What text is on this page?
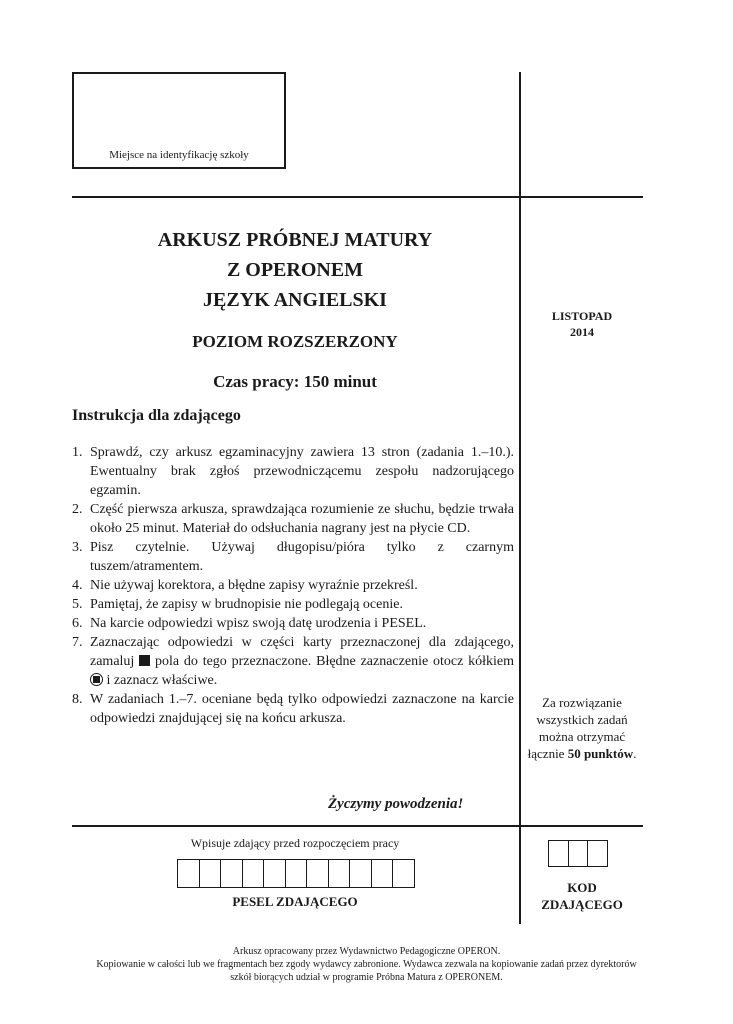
Miejsce na identyfikację szkoły
ARKUSZ PRÓBNEJ MATURY
Z OPERONEM
JĘZYK ANGIELSKI
POZIOM ROZSZERZONY
Czas pracy: 150 minut
LISTOPAD
2014
Instrukcja dla zdającego
1. Sprawdź, czy arkusz egzaminacyjny zawiera 13 stron (zadania 1.–10.). Ewentualny brak zgłoś przewodniczącemu zespołu nadzorującego egzamin.
2. Część pierwsza arkusza, sprawdzająca rozumienie ze słuchu, będzie trwała około 25 minut. Materiał do odsłuchania nagrany jest na płycie CD.
3. Pisz czytelnie. Używaj długopisu/pióra tylko z czarnym tuszem/atramentem.
4. Nie używaj korektora, a błędne zapisy wyraźnie przekreśl.
5. Pamiętaj, że zapisy w brudnopisie nie podlegają ocenie.
6. Na karcie odpowiedzi wpisz swoją datę urodzenia i PESEL.
7. Zaznaczając odpowiedzi w części karty przeznaczonej dla zdającego, zamaluj pola do tego przeznaczone. Błędne zaznaczenie otocz kółkiem  i zaznacz właściwe.
8. W zadaniach 1.–7. oceniane będą tylko odpowiedzi zaznaczone na karcie odpowiedzi znajdującej się na końcu arkusza.
Życzymy powodzenia!
Za rozwiązanie
wszystkich zadań
można otrzymać
łącznie 50 punktów.
Wpisuje zdający przed rozpoczęciem pracy
PESEL ZDAJĄCEGO
KOD
ZDAJĄCEGO
Arkusz opracowany przez Wydawnictwo Pedagogiczne OPERON.
Kopiowanie w całości lub we fragmentach bez zgody wydawcy zabronione. Wydawca zezwala na kopiowanie zadań przez dyrektorów
szkół biorących udział w programie Próbna Matura z OPERONEM.
